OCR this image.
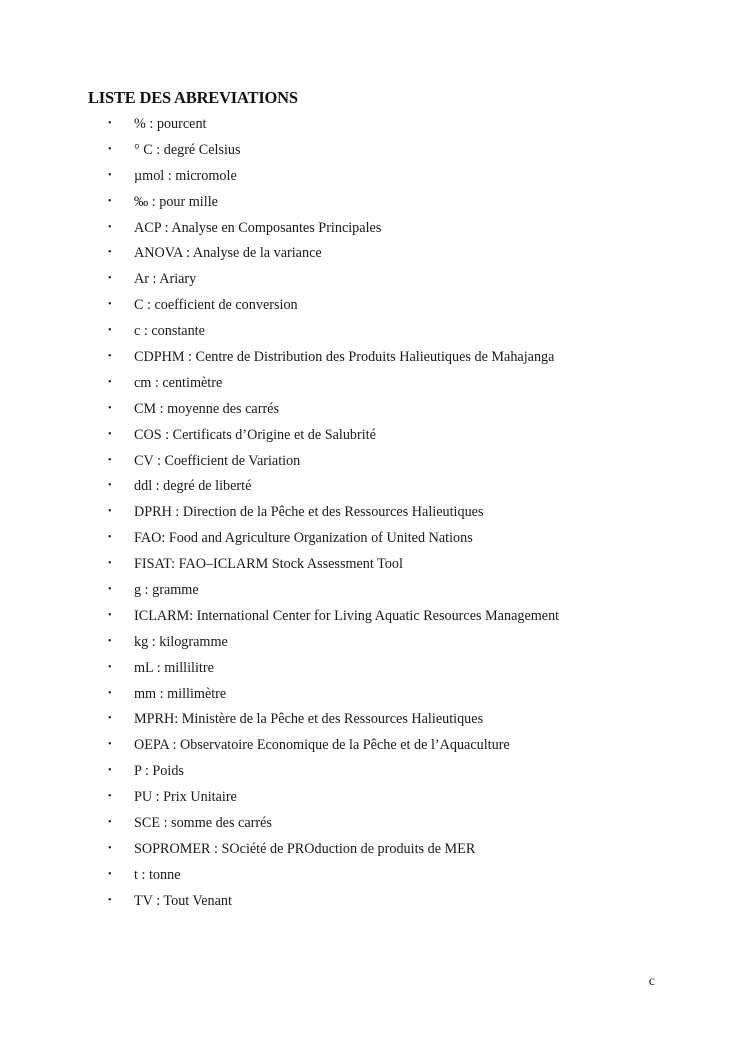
LISTE DES ABREVIATIONS
• % : pourcent
• ° C : degré Celsius
• µmol : micromole
• ‰ : pour mille
• ACP : Analyse en Composantes Principales
• ANOVA : Analyse de la variance
• Ar : Ariary
• C : coefficient de conversion
• c : constante
• CDPHM : Centre de Distribution des Produits Halieutiques de Mahajanga
• cm : centimètre
• CM : moyenne des carrés
• COS : Certificats d’Origine et de Salubrité
• CV : Coefficient de Variation
• ddl : degré de liberté
• DPRH : Direction de la Pêche et des Ressources Halieutiques
• FAO: Food and Agriculture Organization of United Nations
• FISAT: FAO–ICLARM Stock Assessment Tool
• g : gramme
• ICLARM: International Center for Living Aquatic Resources Management
• kg : kilogramme
• mL : millilitre
• mm : millimètre
• MPRH: Ministère de la Pêche et des Ressources Halieutiques
• OEPA : Observatoire Economique de la Pêche et de l’Aquaculture
• P : Poids
• PU : Prix Unitaire
• SCE : somme des carrés
• SOPROMER : SOciété de PROduction de produits de MER
• t : tonne
• TV : Tout Venant

c
